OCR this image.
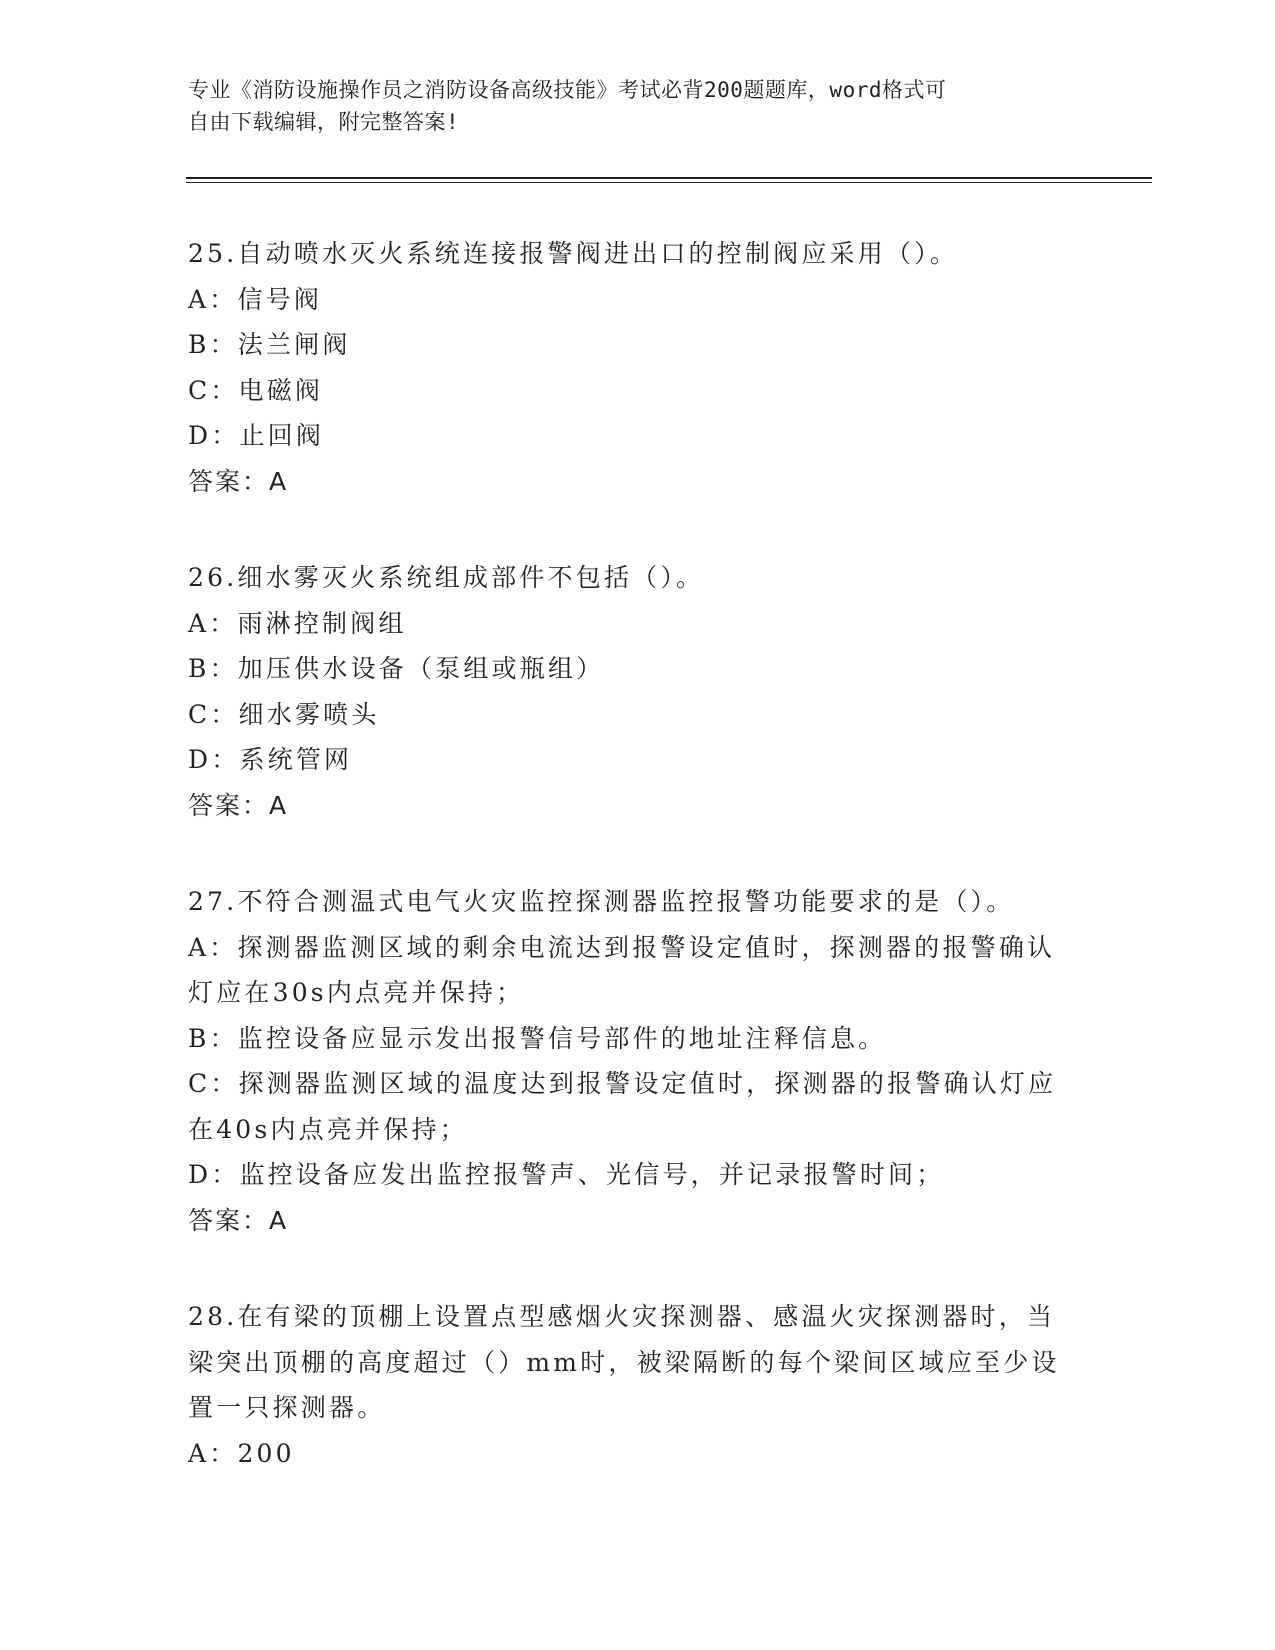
专业《消防设施操作员之消防设备高级技能》考试必背200题题库，word格式可
自由下载编辑，附完整答案!
25.自动喷水灭火系统连接报警阀进出口的控制阀应采用（）。
A：信号阀
B：法兰闸阀
C：电磁阀
D：止回阀
答案：A
26.细水雾灭火系统组成部件不包括（）。
A：雨淋控制阀组
B：加压供水设备（泵组或瓶组）
C：细水雾喷头
D：系统管网
答案：A
27.不符合测温式电气火灾监控探测器监控报警功能要求的是（）。
A：探测器监测区域的剩余电流达到报警设定值时，探测器的报警确认灯应在30s内点亮并保持；
B：监控设备应显示发出报警信号部件的地址注释信息。
C：探测器监测区域的温度达到报警设定值时，探测器的报警确认灯应在40s内点亮并保持；
D：监控设备应发出监控报警声、光信号，并记录报警时间；
答案：A
28.在有梁的顶棚上设置点型感烟火灾探测器、感温火灾探测器时，当梁突出顶棚的高度超过（）mm时，被梁隔断的每个梁间区域应至少设置一只探测器。
A：200
